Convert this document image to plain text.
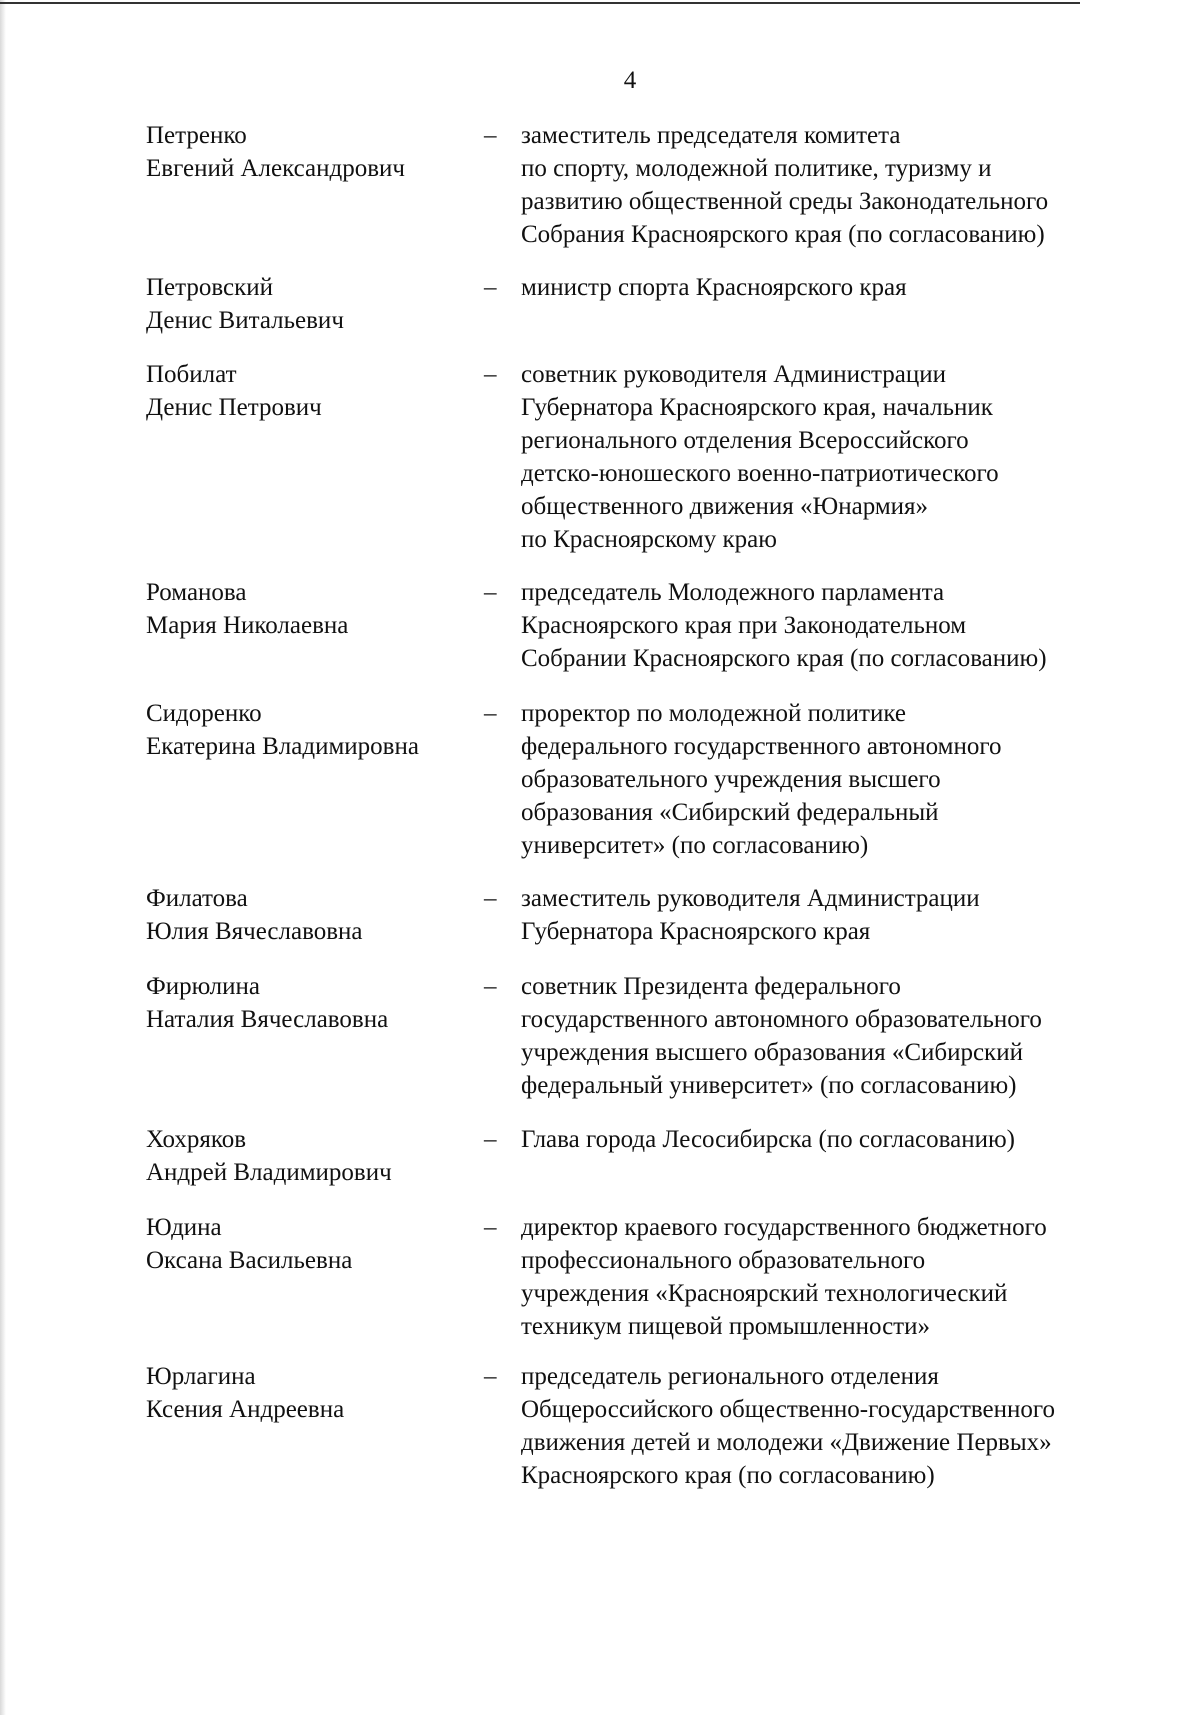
4
Петренко
Евгений Александрович
– заместитель председателя комитета
по спорту, молодежной политике, туризму и
развитию общественной среды Законодательного
Собрания Красноярского края (по согласованию)
Петровский
Денис Витальевич
– министр спорта Красноярского края
Побилат
Денис Петрович
– советник руководителя Администрации
Губернатора Красноярского края, начальник
регионального отделения Всероссийского
детско-юношеского военно-патриотического
общественного движения «Юнармия»
по Красноярскому краю
Романова
Мария Николаевна
– председатель Молодежного парламента
Красноярского края при Законодательном
Собрании Красноярского края (по согласованию)
Сидоренко
Екатерина Владимировна
– проректор по молодежной политике
федерального государственного автономного
образовательного учреждения высшего
образования «Сибирский федеральный
университет» (по согласованию)
Филатова
Юлия Вячеславовна
– заместитель руководителя Администрации
Губернатора Красноярского края
Фирюлина
Наталия Вячеславовна
– советник Президента федерального
государственного автономного образовательного
учреждения высшего образования «Сибирский
федеральный университет» (по согласованию)
Хохряков
Андрей Владимирович
– Глава города Лесосибирска (по согласованию)
Юдина
Оксана Васильевна
– директор краевого государственного бюджетного
профессионального образовательного
учреждения «Красноярский технологический
техникум пищевой промышленности»
Юрлагина
Ксения Андреевна
– председатель регионального отделения
Общероссийского общественно-государственного
движения детей и молодежи «Движение Первых»
Красноярского края (по согласованию)
